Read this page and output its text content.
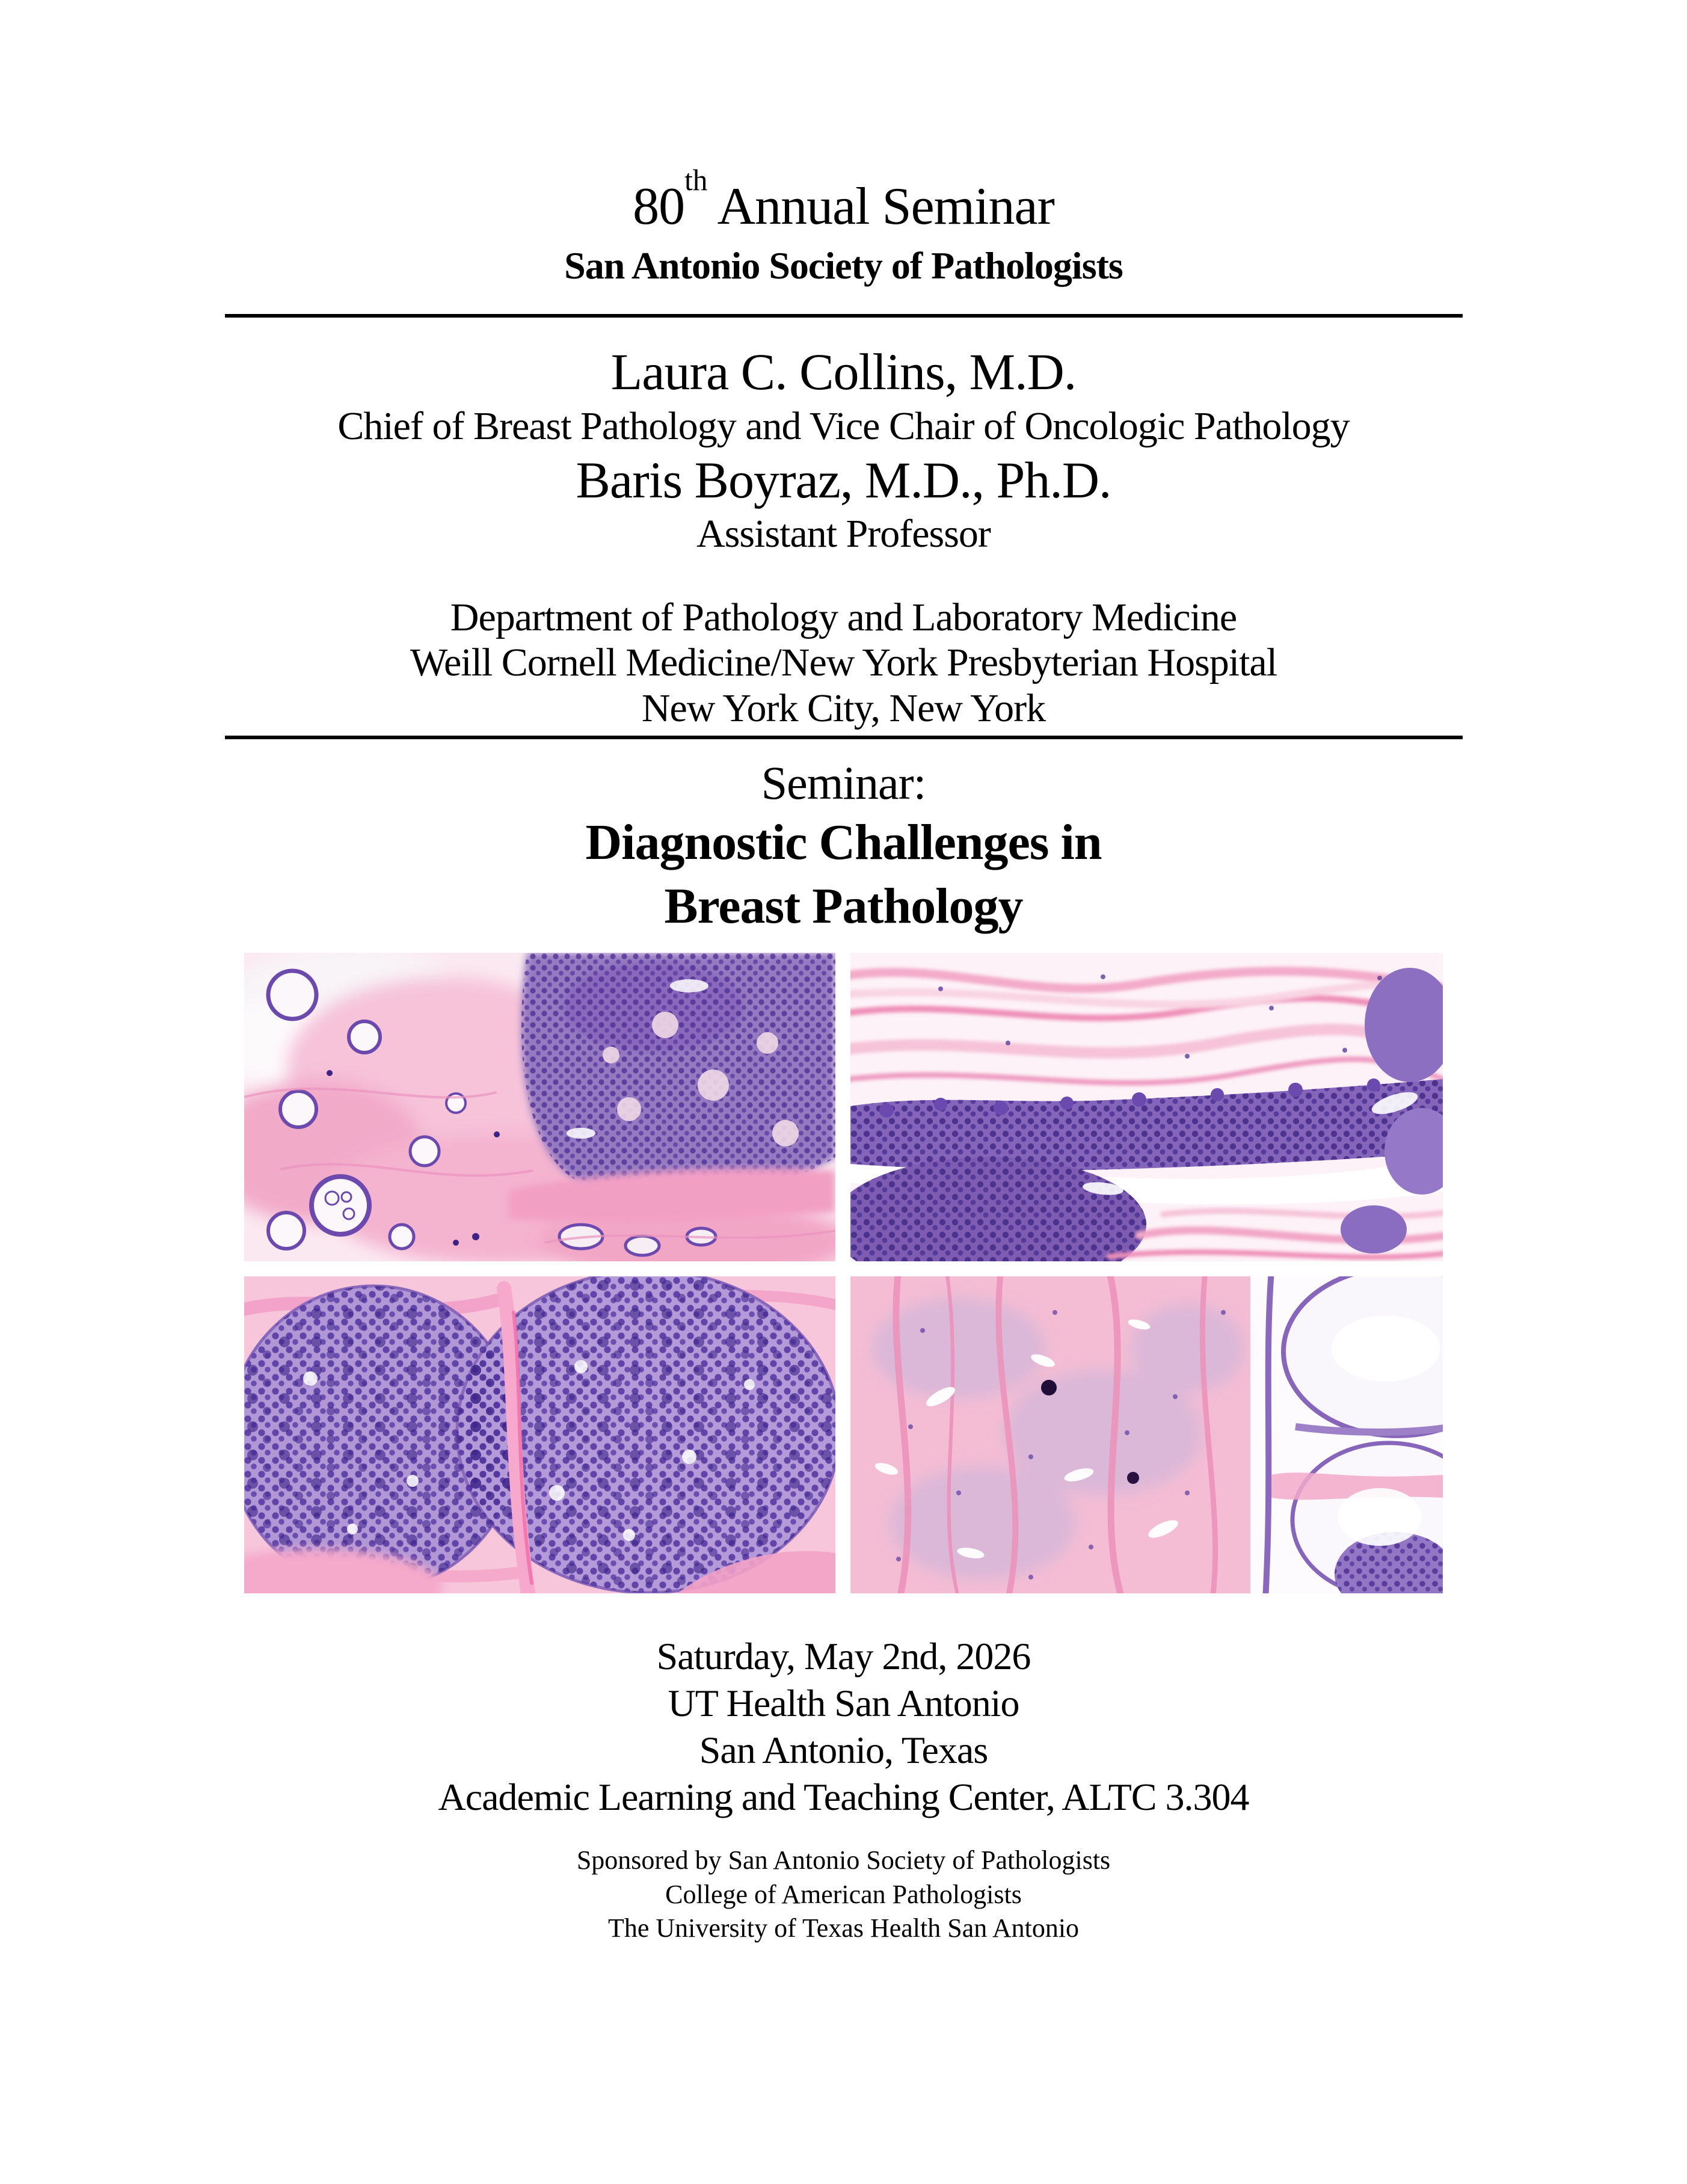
80th Annual Seminar
San Antonio Society of Pathologists
Laura C. Collins, M.D.
Chief of Breast Pathology and Vice Chair of Oncologic Pathology
Baris Boyraz, M.D., Ph.D.
Assistant Professor
Department of Pathology and Laboratory Medicine
Weill Cornell Medicine/New York Presbyterian Hospital
New York City, New York
Seminar:
Diagnostic Challenges in
Breast Pathology
Saturday, May 2nd, 2026
UT Health San Antonio
San Antonio, Texas
Academic Learning and Teaching Center, ALTC 3.304
Sponsored by San Antonio Society of Pathologists
College of American Pathologists
The University of Texas Health San Antonio
